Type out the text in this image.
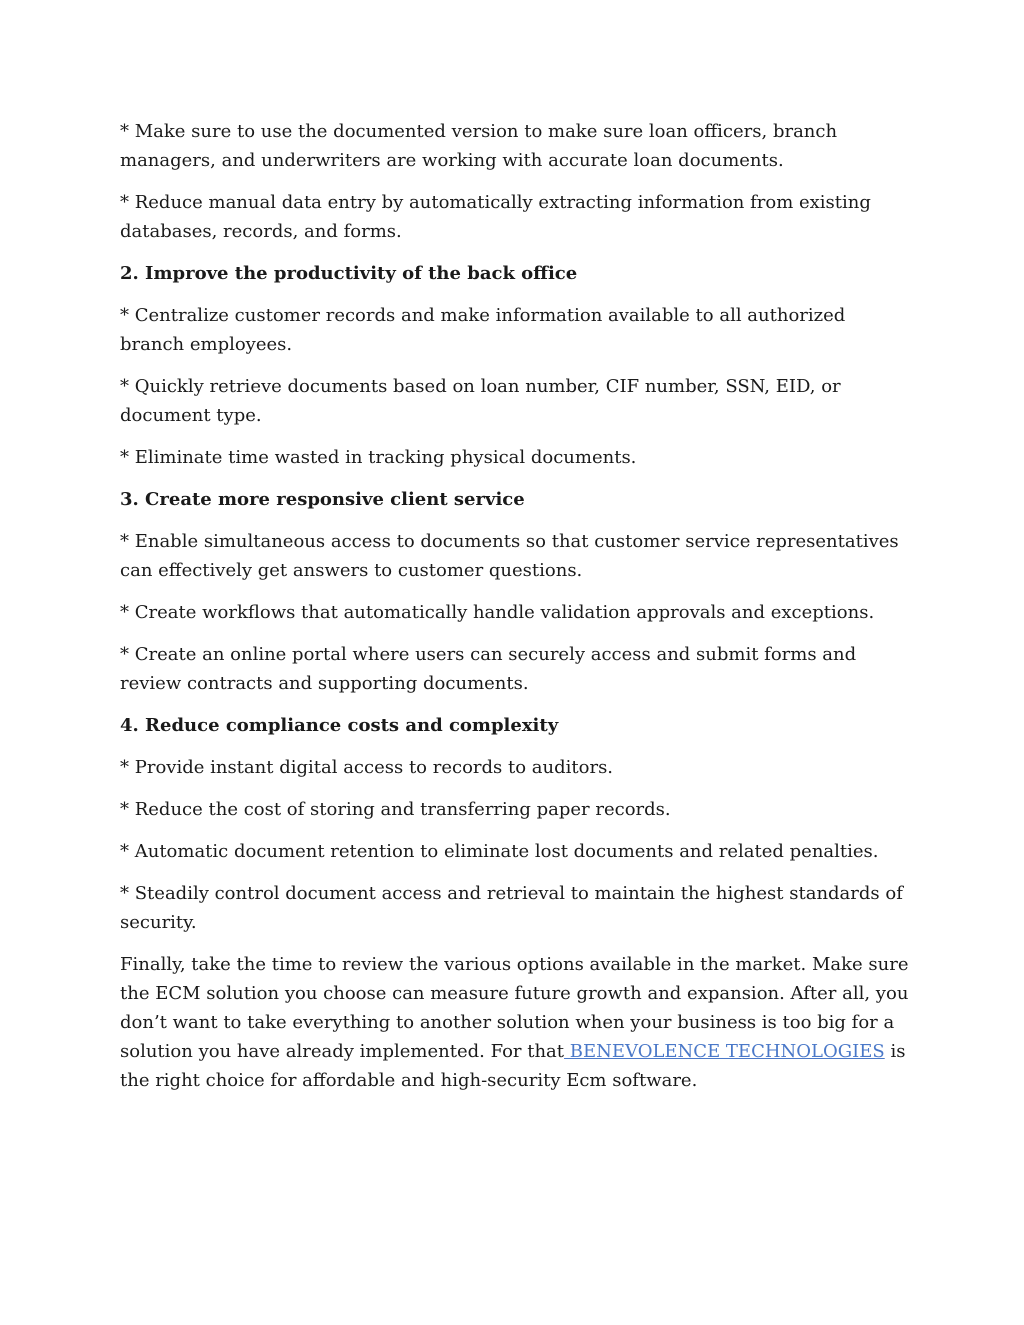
* Make sure to use the documented version to make sure loan officers, branch managers, and underwriters are working with accurate loan documents.

* Reduce manual data entry by automatically extracting information from existing databases, records, and forms.

2. Improve the productivity of the back office

* Centralize customer records and make information available to all authorized branch employees.

* Quickly retrieve documents based on loan number, CIF number, SSN, EID, or document type.

* Eliminate time wasted in tracking physical documents.

3. Create more responsive client service

* Enable simultaneous access to documents so that customer service representatives can effectively get answers to customer questions.

* Create workflows that automatically handle validation approvals and exceptions.

* Create an online portal where users can securely access and submit forms and review contracts and supporting documents.

4. Reduce compliance costs and complexity

* Provide instant digital access to records to auditors.

* Reduce the cost of storing and transferring paper records.

* Automatic document retention to eliminate lost documents and related penalties.

* Steadily control document access and retrieval to maintain the highest standards of security.

Finally, take the time to review the various options available in the market. Make sure the ECM solution you choose can measure future growth and expansion. After all, you don’t want to take everything to another solution when your business is too big for a solution you have already implemented. For that BENEVOLENCE TECHNOLOGIES is the right choice for affordable and high-security Ecm software.
